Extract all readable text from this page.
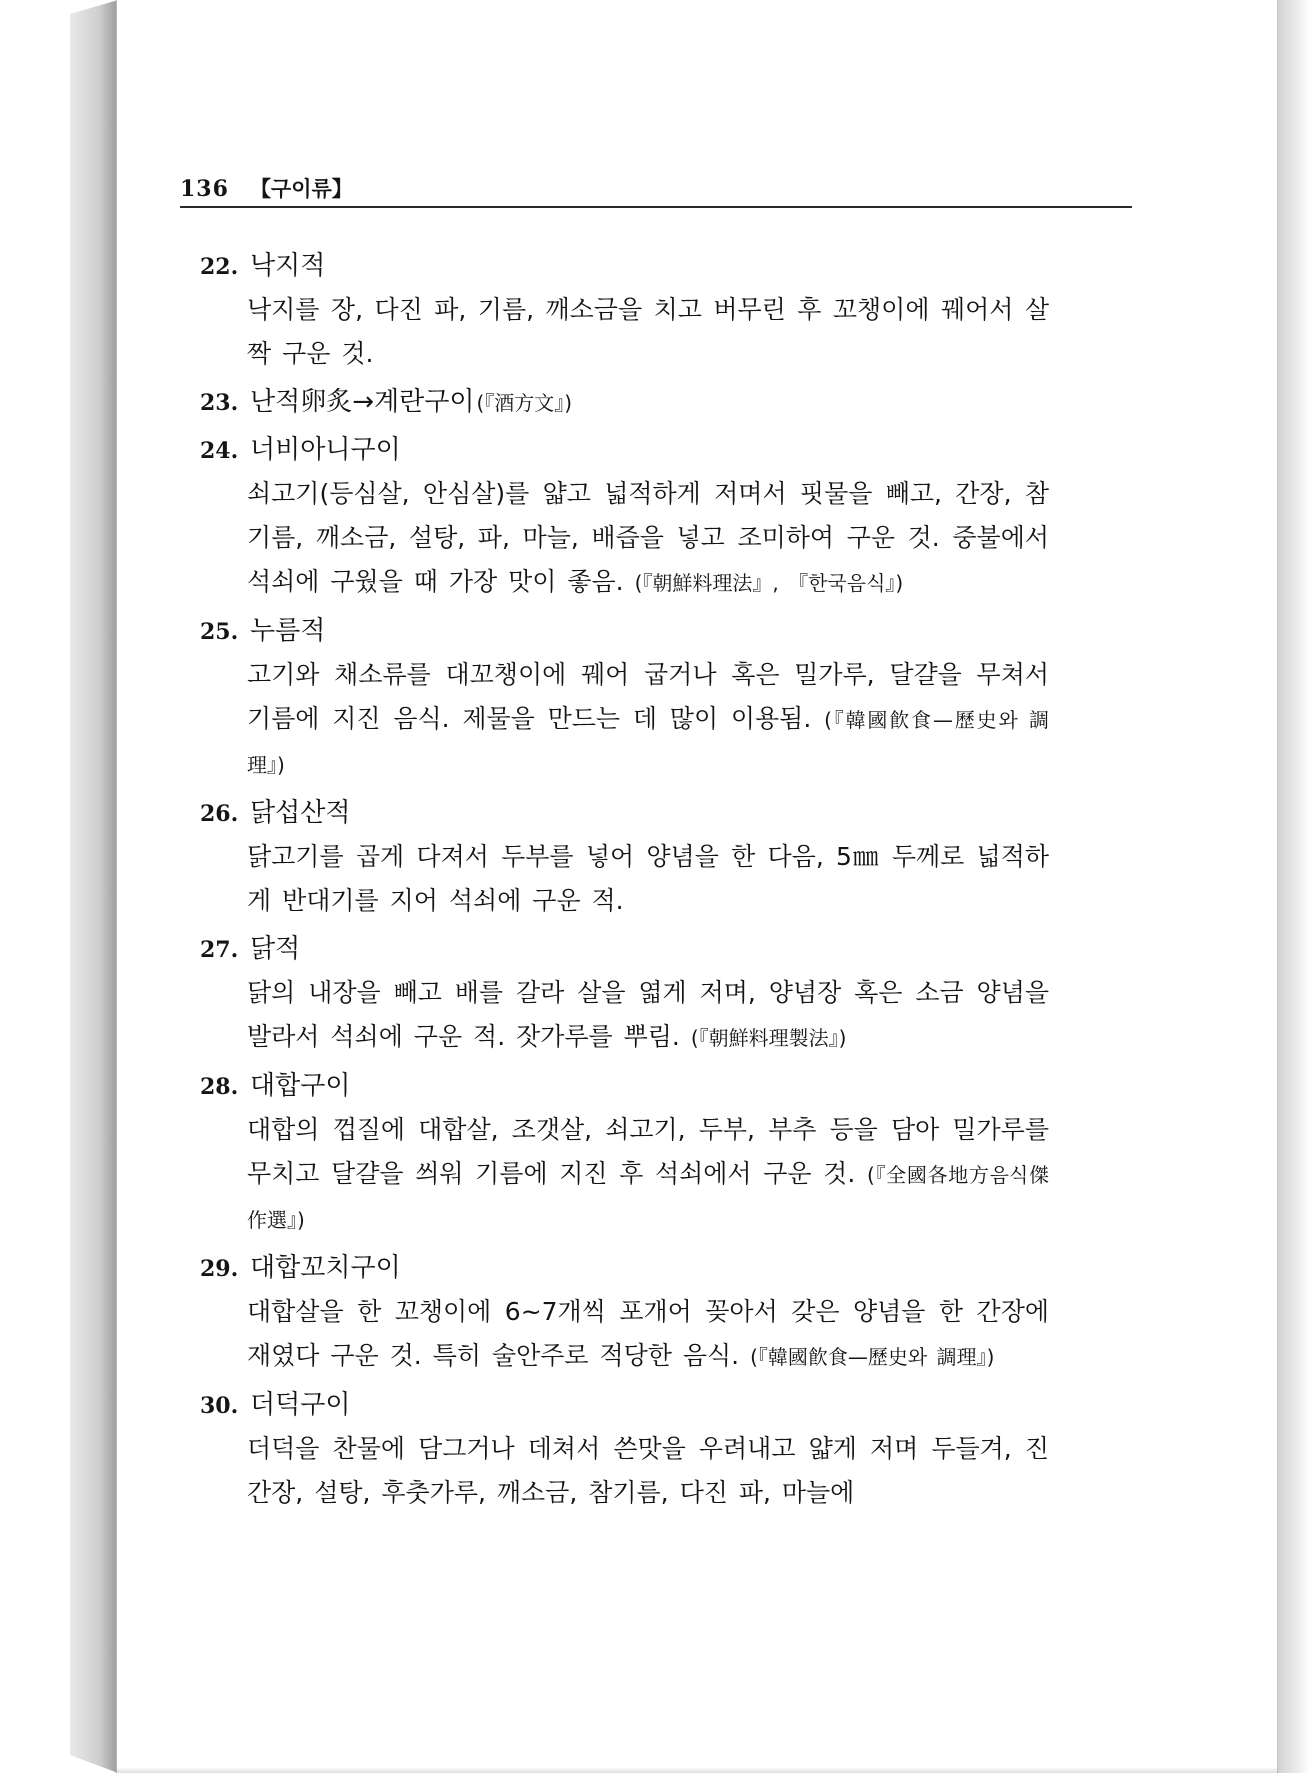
136 【구이류】
22. 낙지적
낙지를 장, 다진 파, 기름, 깨소금을 치고 버무린 후 꼬챙이에 꿰어서 살짝 구운 것.
23. 난적卵炙→계란구이 (『酒方文』)
24. 너비아니구이
쇠고기(등심살, 안심살)를 얇고 넓적하게 저며서 핏물을 빼고, 간장, 참기름, 깨소금, 설탕, 파, 마늘, 배즙을 넣고 조미하여 구운 것. 중불에서 석쇠에 구웠을 때 가장 맛이 좋음. (『朝鮮料理法』, 『한국음식』)
25. 누름적
고기와 채소류를 대꼬챙이에 꿰어 굽거나 혹은 밀가루, 달걀을 무쳐서 기름에 지진 음식. 제물을 만드는 데 많이 이용됨. (『韓國飮食—歷史와 調理』)
26. 닭섭산적
닭고기를 곱게 다져서 두부를 넣어 양념을 한 다음, 5㎜ 두께로 넓적하게 반대기를 지어 석쇠에 구운 적.
27. 닭적
닭의 내장을 빼고 배를 갈라 살을 엷게 저며, 양념장 혹은 소금 양념을 발라서 석쇠에 구운 적. 잣가루를 뿌림. (『朝鮮料理製法』)
28. 대합구이
대합의 껍질에 대합살, 조갯살, 쇠고기, 두부, 부추 등을 담아 밀가루를 무치고 달걀을 씌워 기름에 지진 후 석쇠에서 구운 것. (『全國各地方음식傑作選』)
29. 대합꼬치구이
대합살을 한 꼬챙이에 6~7개씩 포개어 꽂아서 갖은 양념을 한 간장에 재였다 구운 것. 특히 술안주로 적당한 음식. (『韓國飮食—歷史와 調理』)
30. 더덕구이
더덕을 찬물에 담그거나 데쳐서 쓴맛을 우려내고 얇게 저며 두들겨, 진간장, 설탕, 후춧가루, 깨소금, 참기름, 다진 파, 마늘에
